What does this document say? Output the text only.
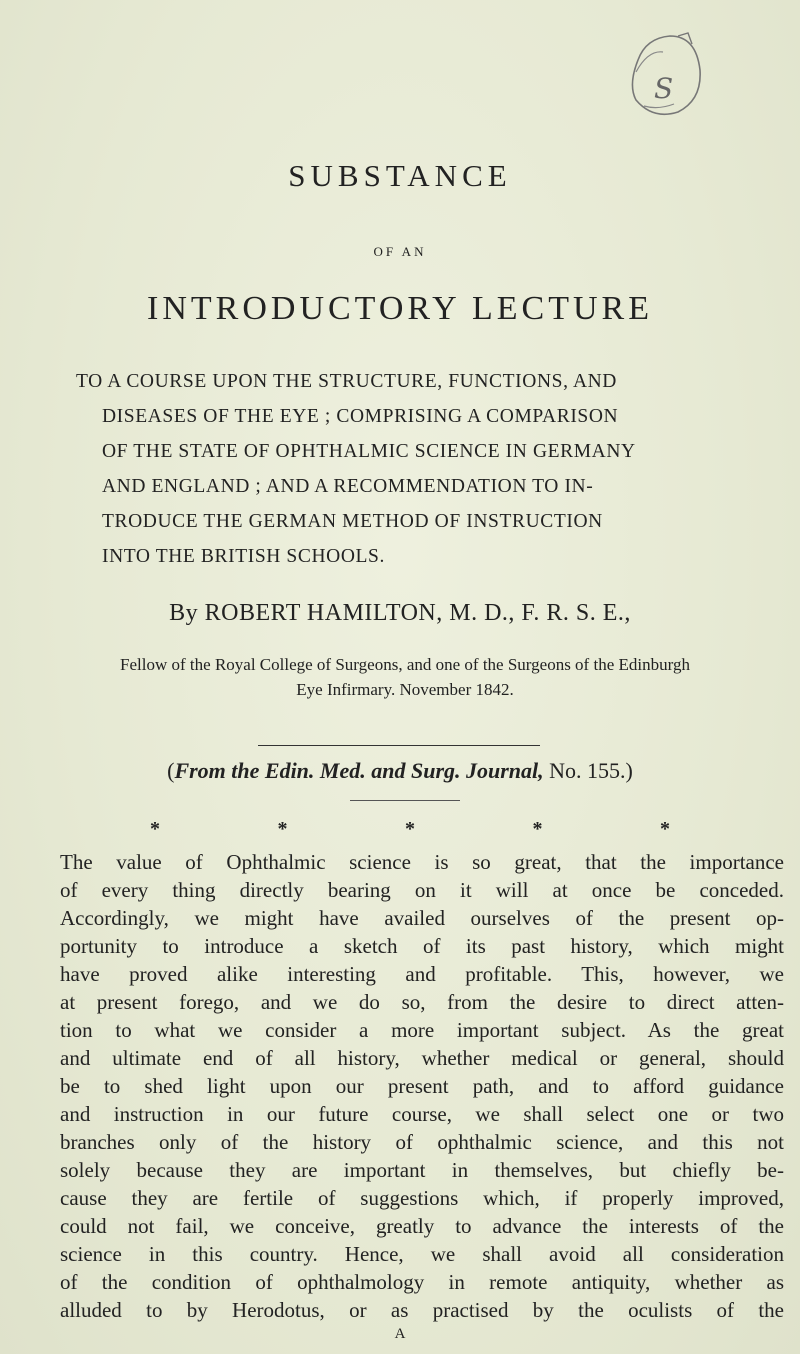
S
SUBSTANCE
OF AN
INTRODUCTORY LECTURE
TO A COURSE UPON THE STRUCTURE, FUNCTIONS, AND
DISEASES OF THE EYE ; COMPRISING A COMPARISON
OF THE STATE OF OPHTHALMIC SCIENCE IN GERMANY
AND ENGLAND ; AND A RECOMMENDATION TO IN-
TRODUCE THE GERMAN METHOD OF INSTRUCTION
INTO THE BRITISH SCHOOLS.
By ROBERT HAMILTON, M. D., F. R. S. E.,
Fellow of the Royal College of Surgeons, and one of the Surgeons of the Edinburgh
Eye Infirmary. November 1842.
(From the Edin. Med. and Surg. Journal, No. 155.)
*	*	*	*	*
The value of Ophthalmic science is so great, that the importance
of every thing directly bearing on it will at once be conceded.
Accordingly, we might have availed ourselves of the present op-
portunity to introduce a sketch of its past history, which might
have proved alike interesting and profitable. This, however, we
at present forego, and we do so, from the desire to direct atten-
tion to what we consider a more important subject. As the great
and ultimate end of all history, whether medical or general, should
be to shed light upon our present path, and to afford guidance
and instruction in our future course, we shall select one or two
branches only of the history of ophthalmic science, and this not
solely because they are important in themselves, but chiefly be-
cause they are fertile of suggestions which, if properly improved,
could not fail, we conceive, greatly to advance the interests of the
science in this country. Hence, we shall avoid all consideration
of the condition of ophthalmology in remote antiquity, whether as
alluded to by Herodotus, or as practised by the oculists of the
A
